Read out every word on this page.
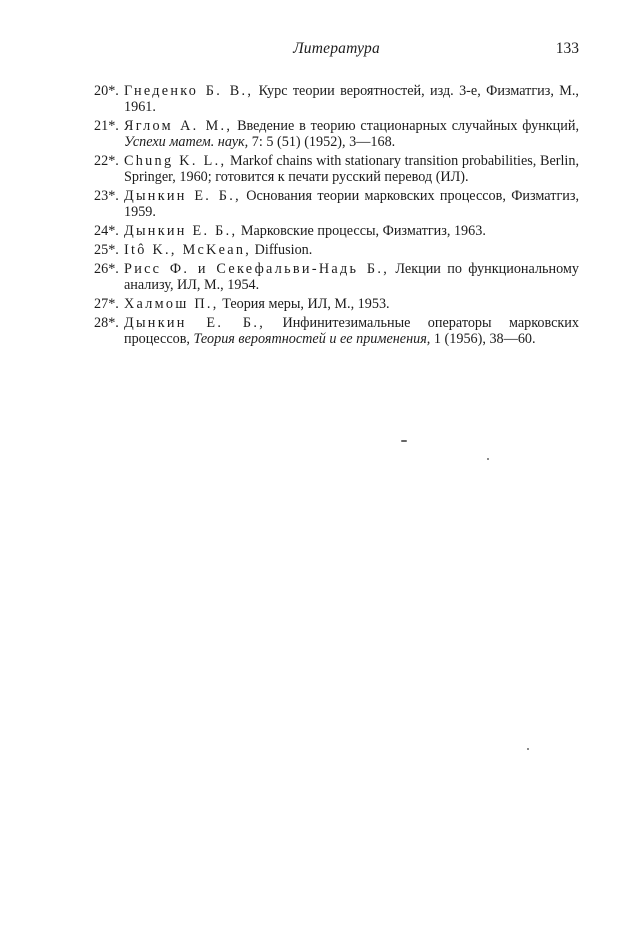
Литература	133
20*. Гнеденко Б. В., Курс теории вероятностей, изд. 3-е, Физматгиз, М., 1961.
21*. Яглом А. М., Введение в теорию стационарных случайных функций, Успехи матем. наук, 7: 5 (51) (1952), 3—168.
22*. Chung K. L., Markof chains with stationary transition probabilities, Berlin, Springer, 1960; готовится к печати русский перевод (ИЛ).
23*. Дынкин Е. Б., Основания теории марковских процессов, Физматгиз, 1959.
24*. Дынкин Е. Б., Марковские процессы, Физматгиз, 1963.
25*. Itô K., McKean, Diffusion.
26*. Рисс Ф. и Секефальви-Надь Б., Лекции по функциональному анализу, ИЛ, М., 1954.
27*. Халмош П., Теория меры, ИЛ, М., 1953.
28*. Дынкин Е. Б., Инфинитезимальные операторы марковских процессов, Теория вероятностей и ее применения, 1 (1956), 38—60.
